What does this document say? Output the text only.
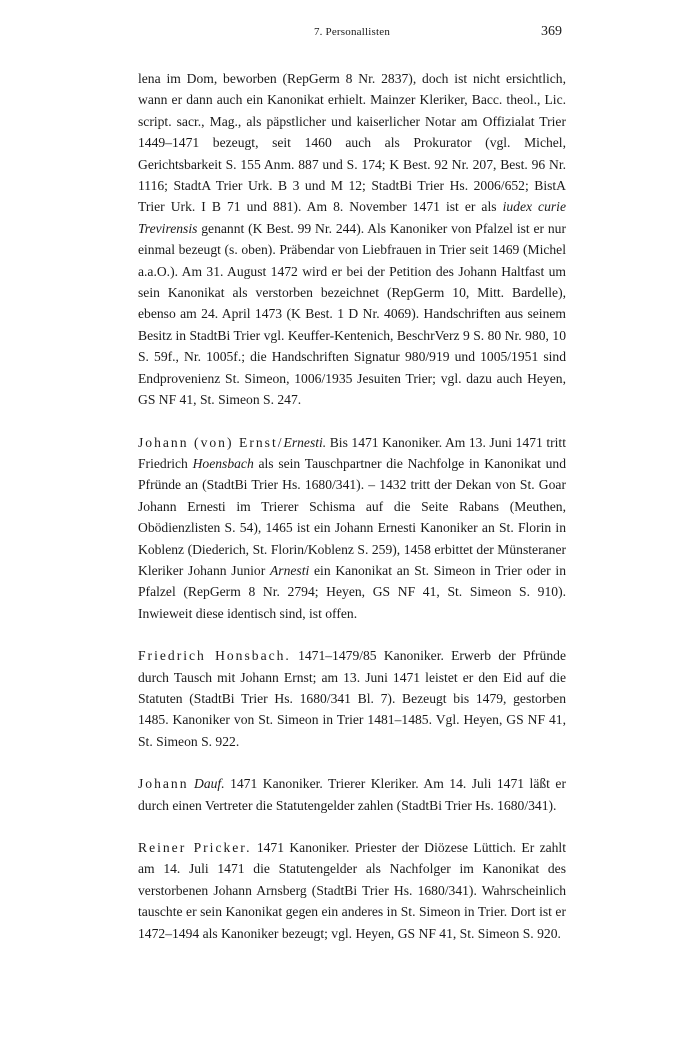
7. Personallisten	369

lena im Dom, beworben (RepGerm 8 Nr. 2837), doch ist nicht ersichtlich, wann er dann auch ein Kanonikat erhielt. Mainzer Kleriker, Bacc. theol., Lic. script. sacr., Mag., als päpstlicher und kaiserlicher Notar am Offizialat Trier 1449–1471 bezeugt, seit 1460 auch als Prokurator (vgl. Michel, Gerichtsbarkeit S. 155 Anm. 887 und S. 174; K Best. 92 Nr. 207, Best. 96 Nr. 1116; StadtA Trier Urk. B 3 und M 12; StadtBi Trier Hs. 2006/652; BistA Trier Urk. I B 71 und 881). Am 8. November 1471 ist er als iudex curie Trevirensis genannt (K Best. 99 Nr. 244). Als Kanoniker von Pfalzel ist er nur einmal bezeugt (s. oben). Präbendar von Liebfrauen in Trier seit 1469 (Michel a.a.O.). Am 31. August 1472 wird er bei der Petition des Johann Haltfast um sein Kanonikat als verstorben bezeichnet (RepGerm 10, Mitt. Bardelle), ebenso am 24. April 1473 (K Best. 1 D Nr. 4069). Handschriften aus seinem Besitz in StadtBi Trier vgl. Keuffer-Kentenich, BeschrVerz 9 S. 80 Nr. 980, 10 S. 59f., Nr. 1005f.; die Handschriften Signatur 980/919 und 1005/1951 sind Endprovenienz St. Simeon, 1006/1935 Jesuiten Trier; vgl. dazu auch Heyen, GS NF 41, St. Simeon S. 247.

Johann (von) Ernst/Ernesti. Bis 1471 Kanoniker. Am 13. Juni 1471 tritt Friedrich Hoensbach als sein Tauschpartner die Nachfolge in Kanonikat und Pfründe an (StadtBi Trier Hs. 1680/341). – 1432 tritt der Dekan von St. Goar Johann Ernesti im Trierer Schisma auf die Seite Rabans (Meuthen, Obödienzlisten S. 54), 1465 ist ein Johann Ernesti Kanoniker an St. Florin in Koblenz (Diederich, St. Florin/Koblenz S. 259), 1458 erbittet der Münsteraner Kleriker Johann Junior Arnesti ein Kanonikat an St. Simeon in Trier oder in Pfalzel (RepGerm 8 Nr. 2794; Heyen, GS NF 41, St. Simeon S. 910). Inwieweit diese identisch sind, ist offen.

Friedrich Honsbach. 1471–1479/85 Kanoniker. Erwerb der Pfründe durch Tausch mit Johann Ernst; am 13. Juni 1471 leistet er den Eid auf die Statuten (StadtBi Trier Hs. 1680/341 Bl. 7). Bezeugt bis 1479, gestorben 1485. Kanoniker von St. Simeon in Trier 1481–1485. Vgl. Heyen, GS NF 41, St. Simeon S. 922.

Johann Dauf. 1471 Kanoniker. Trierer Kleriker. Am 14. Juli 1471 läßt er durch einen Vertreter die Statutengelder zahlen (StadtBi Trier Hs. 1680/341).

Reiner Pricker. 1471 Kanoniker. Priester der Diözese Lüttich. Er zahlt am 14. Juli 1471 die Statutengelder als Nachfolger im Kanonikat des verstorbenen Johann Arnsberg (StadtBi Trier Hs. 1680/341). Wahrscheinlich tauschte er sein Kanonikat gegen ein anderes in St. Simeon in Trier. Dort ist er 1472–1494 als Kanoniker bezeugt; vgl. Heyen, GS NF 41, St. Simeon S. 920.
